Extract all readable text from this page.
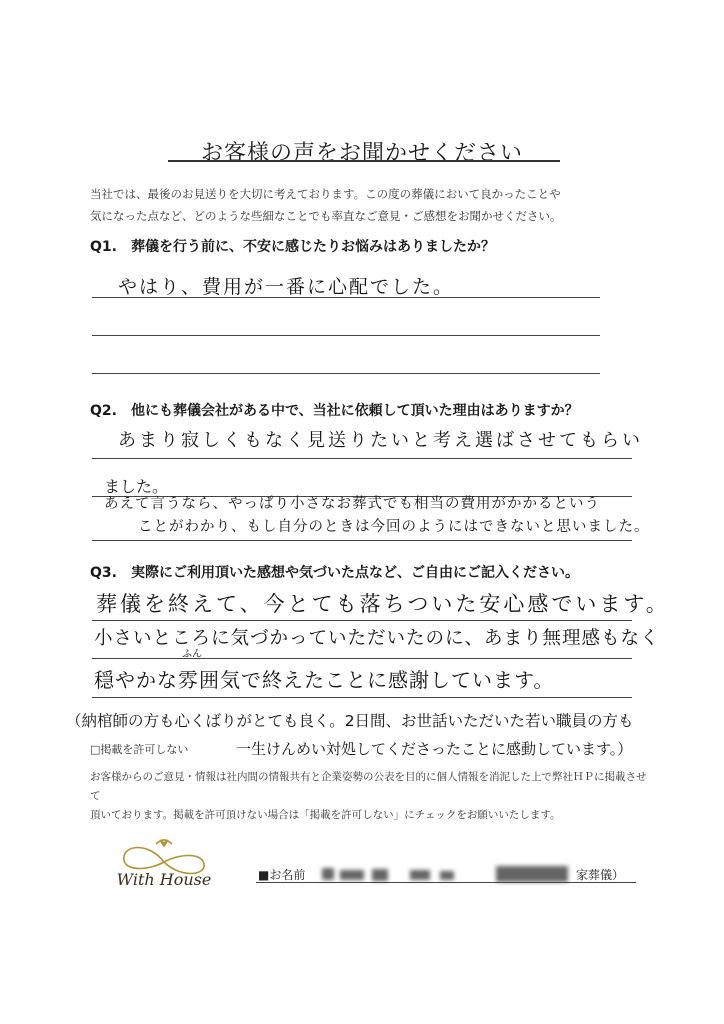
お客様の声をお聞かせください
当社では、最後のお見送りを大切に考えております。この度の葬儀において良かったことや
気になった点など、どのような些細なことでも率直なご意見・ご感想をお聞かせください。
Q1.　葬儀を行う前に、不安に感じたりお悩みはありましたか？
やはり、費用が一番に心配でした。
Q2.　他にも葬儀会社がある中で、当社に依頼して頂いた理由はありますか？
あまり寂しくもなく見送りたいと考え選ばさせてもらい
ました。
あえて言うなら、やっぱり小さなお葬式でも相当の費用がかかるという
ことがわかり、もし自分のときは今回のようにはできないと思いました。
Q3.　実際にご利用頂いた感想や気づいた点など、ご自由にご記入ください。
葬儀を終えて、今とても落ちついた安心感でいます。
小さいところに気づかっていただいたのに、あまり無理感もなく
ふん
穏やかな雰囲気で終えたことに感謝しています。
（納棺師の方も心くばりがとても良く。2日間、お世話いただいた若い職員の方も
一生けんめい対処してくださったことに感動しています。）
□掲載を許可しない
お客様からのご意見・情報は社内間の情報共有と企業姿勢の公表を目的に個人情報を消泥した上で弊社ＨＰに掲載させて
頂いております。掲載を許可頂けない場合は「掲載を許可しない」にチェックをお願いいたします。
With House	■お名前	家葬儀）
